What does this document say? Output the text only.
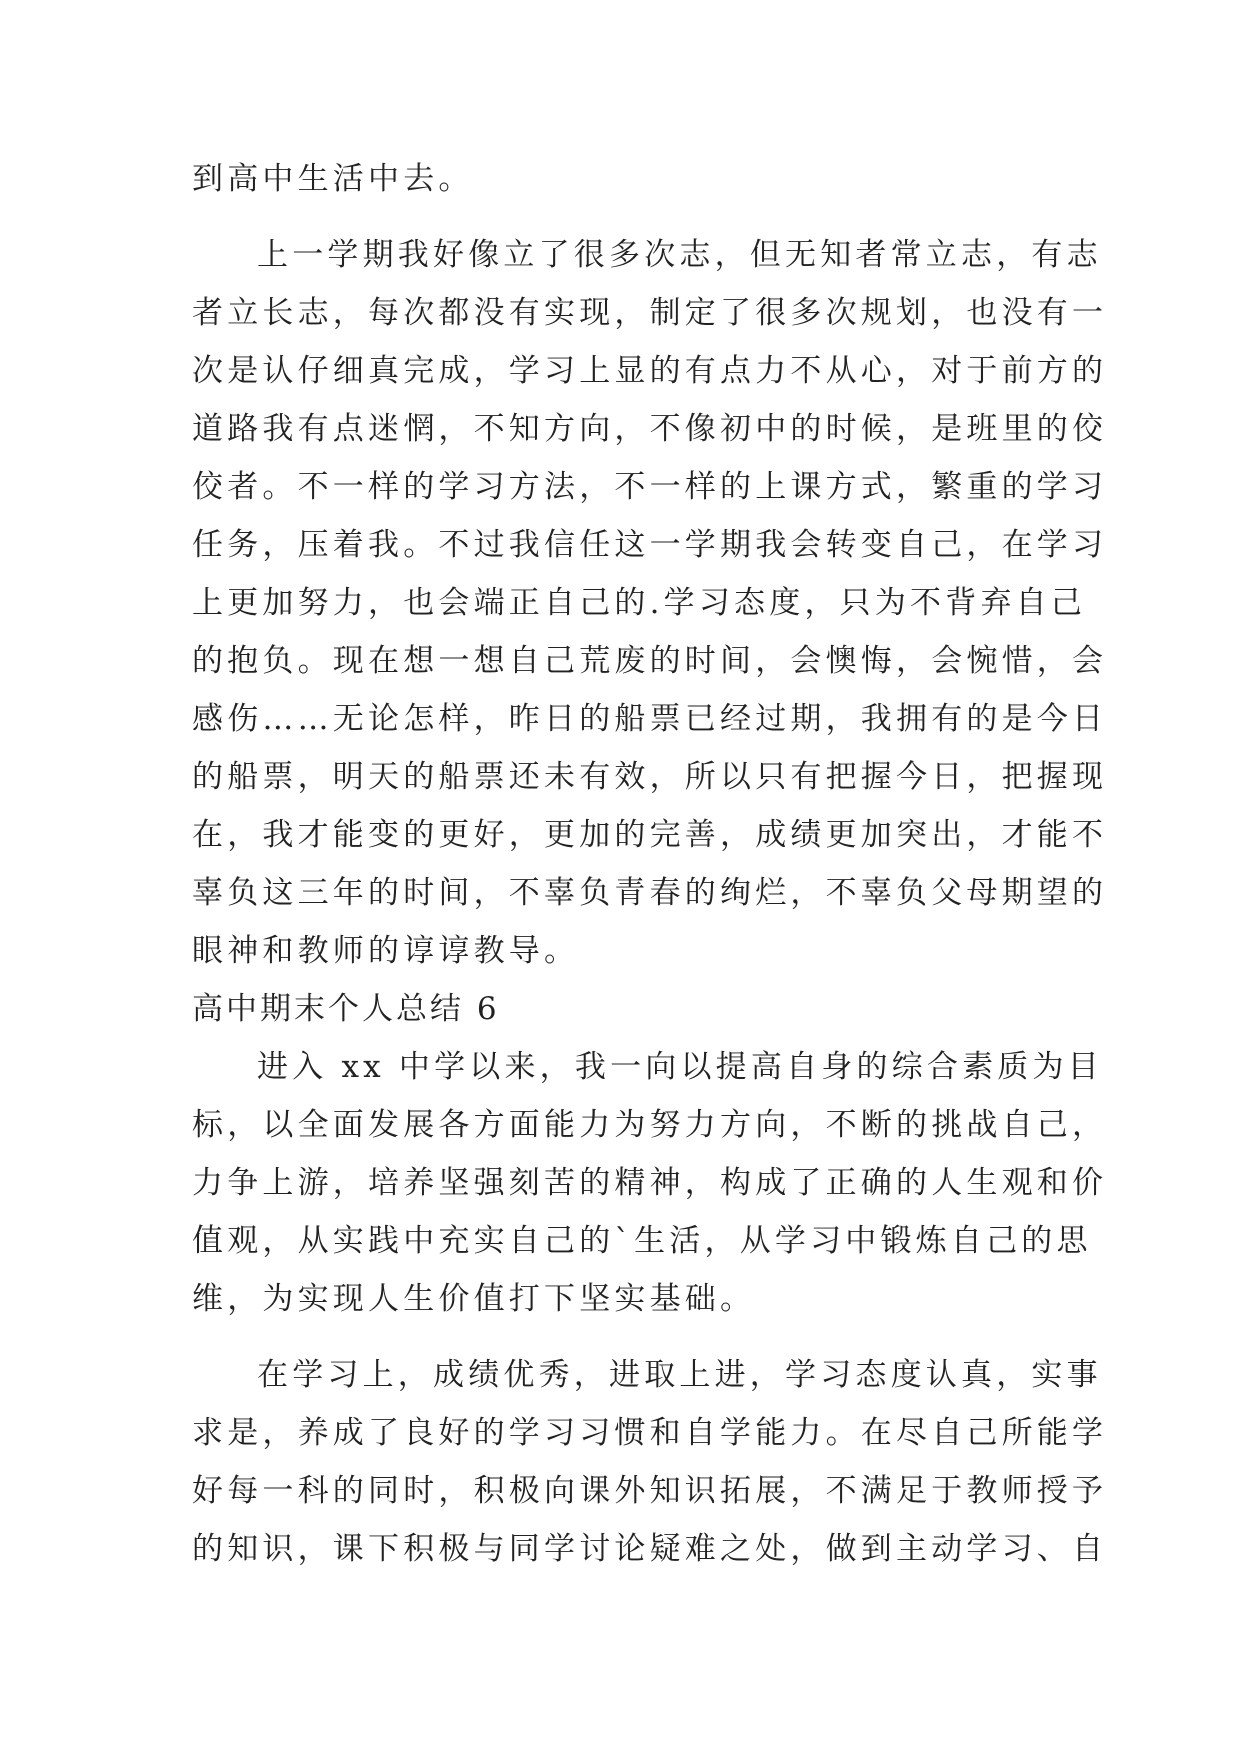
到高中生活中去。
上一学期我好像立了很多次志，但无知者常立志，有志
者立长志，每次都没有实现，制定了很多次规划，也没有一
次是认仔细真完成，学习上显的有点力不从心，对于前方的
道路我有点迷惘，不知方向，不像初中的时候，是班里的佼
佼者。不一样的学习方法，不一样的上课方式，繁重的学习
任务，压着我。不过我信任这一学期我会转变自己，在学习
上更加努力，也会端正自己的.学习态度，只为不背弃自己
的抱负。现在想一想自己荒废的时间，会懊悔，会惋惜，会
感伤……无论怎样，昨日的船票已经过期，我拥有的是今日
的船票，明天的船票还未有效，所以只有把握今日，把握现
在，我才能变的更好，更加的完善，成绩更加突出，才能不
辜负这三年的时间，不辜负青春的绚烂，不辜负父母期望的
眼神和教师的谆谆教导。
高中期末个人总结 6
进入 xx 中学以来，我一向以提高自身的综合素质为目
标，以全面发展各方面能力为努力方向，不断的挑战自己，
力争上游，培养坚强刻苦的精神，构成了正确的人生观和价
值观，从实践中充实自己的`生活，从学习中锻炼自己的思
维，为实现人生价值打下坚实基础。
在学习上，成绩优秀，进取上进，学习态度认真，实事
求是，养成了良好的学习习惯和自学能力。在尽自己所能学
好每一科的同时，积极向课外知识拓展，不满足于教师授予
的知识，课下积极与同学讨论疑难之处，做到主动学习、自
